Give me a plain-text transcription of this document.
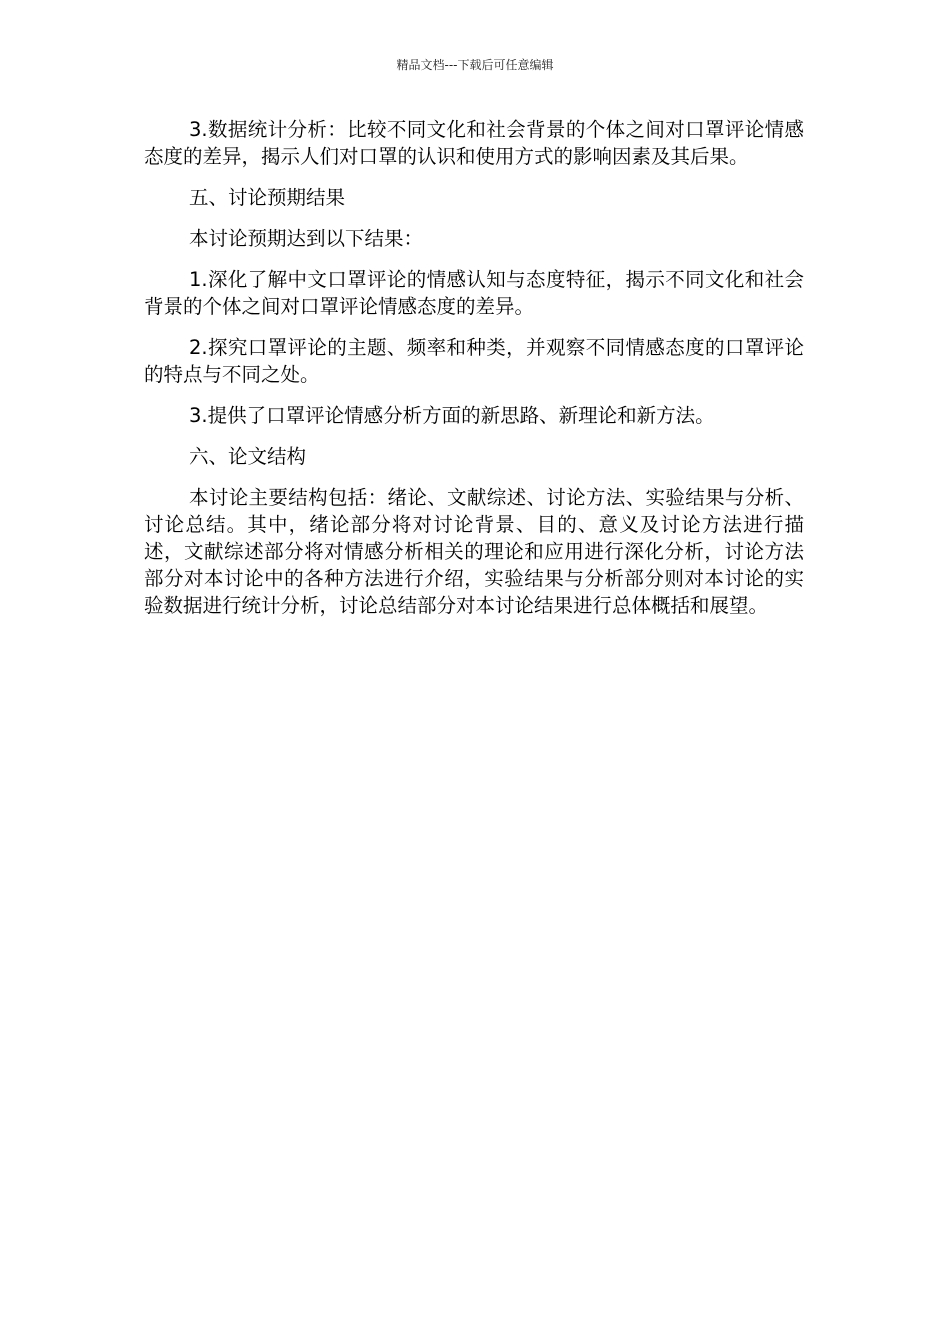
精品文档---下载后可任意编辑

3.数据统计分析：比较不同文化和社会背景的个体之间对口罩评论情感态度的差异，揭示人们对口罩的认识和使用方式的影响因素及其后果。

五、讨论预期结果

本讨论预期达到以下结果：

1.深化了解中文口罩评论的情感认知与态度特征，揭示不同文化和社会背景的个体之间对口罩评论情感态度的差异。

2.探究口罩评论的主题、频率和种类，并观察不同情感态度的口罩评论的特点与不同之处。

3.提供了口罩评论情感分析方面的新思路、新理论和新方法。

六、论文结构

本讨论主要结构包括：绪论、文献综述、讨论方法、实验结果与分析、讨论总结。其中，绪论部分将对讨论背景、目的、意义及讨论方法进行描述，文献综述部分将对情感分析相关的理论和应用进行深化分析，讨论方法部分对本讨论中的各种方法进行介绍，实验结果与分析部分则对本讨论的实验数据进行统计分析，讨论总结部分对本讨论结果进行总体概括和展望。
